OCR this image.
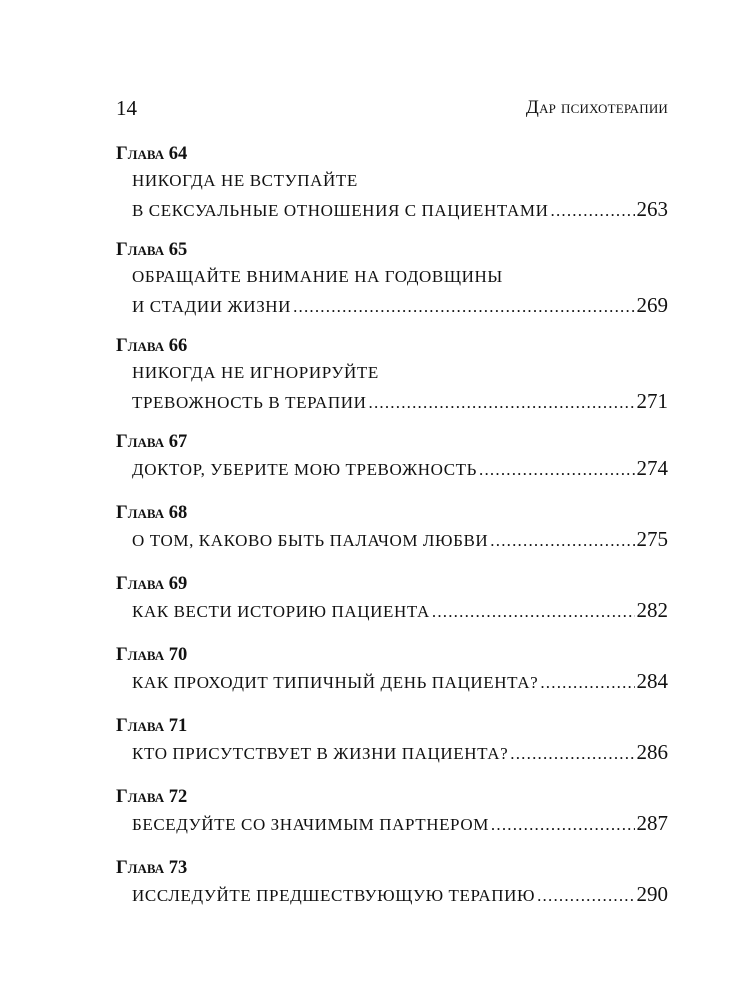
14	Дар психотерапии
Глава 64
НИКОГДА НЕ ВСТУПАЙТЕ
В СЕКСУАЛЬНЫЕ ОТНОШЕНИЯ С ПАЦИЕНТАМИ .....	263
Глава 65
ОБРАЩАЙТЕ ВНИМАНИЕ НА ГОДОВЩИНЫ
И СТАДИИ ЖИЗНИ .....	269
Глава 66
НИКОГДА НЕ ИГНОРИРУЙТЕ
ТРЕВОЖНОСТЬ В ТЕРАПИИ .....	271
Глава 67
ДОКТОР, УБЕРИТЕ МОЮ ТРЕВОЖНОСТЬ .....	274
Глава 68
О ТОМ, КАКОВО БЫТЬ ПАЛАЧОМ ЛЮБВИ .....	275
Глава 69
КАК ВЕСТИ ИСТОРИЮ ПАЦИЕНТА .....	282
Глава 70
КАК ПРОХОДИТ ТИПИЧНЫЙ ДЕНЬ ПАЦИЕНТА? .....	284
Глава 71
КТО ПРИСУТСТВУЕТ В ЖИЗНИ ПАЦИЕНТА? .....	286
Глава 72
БЕСЕДУЙТЕ СО ЗНАЧИМЫМ ПАРТНЕРОМ .....	287
Глава 73
ИССЛЕДУЙТЕ ПРЕДШЕСТВУЮЩУЮ ТЕРАПИЮ .....	290
